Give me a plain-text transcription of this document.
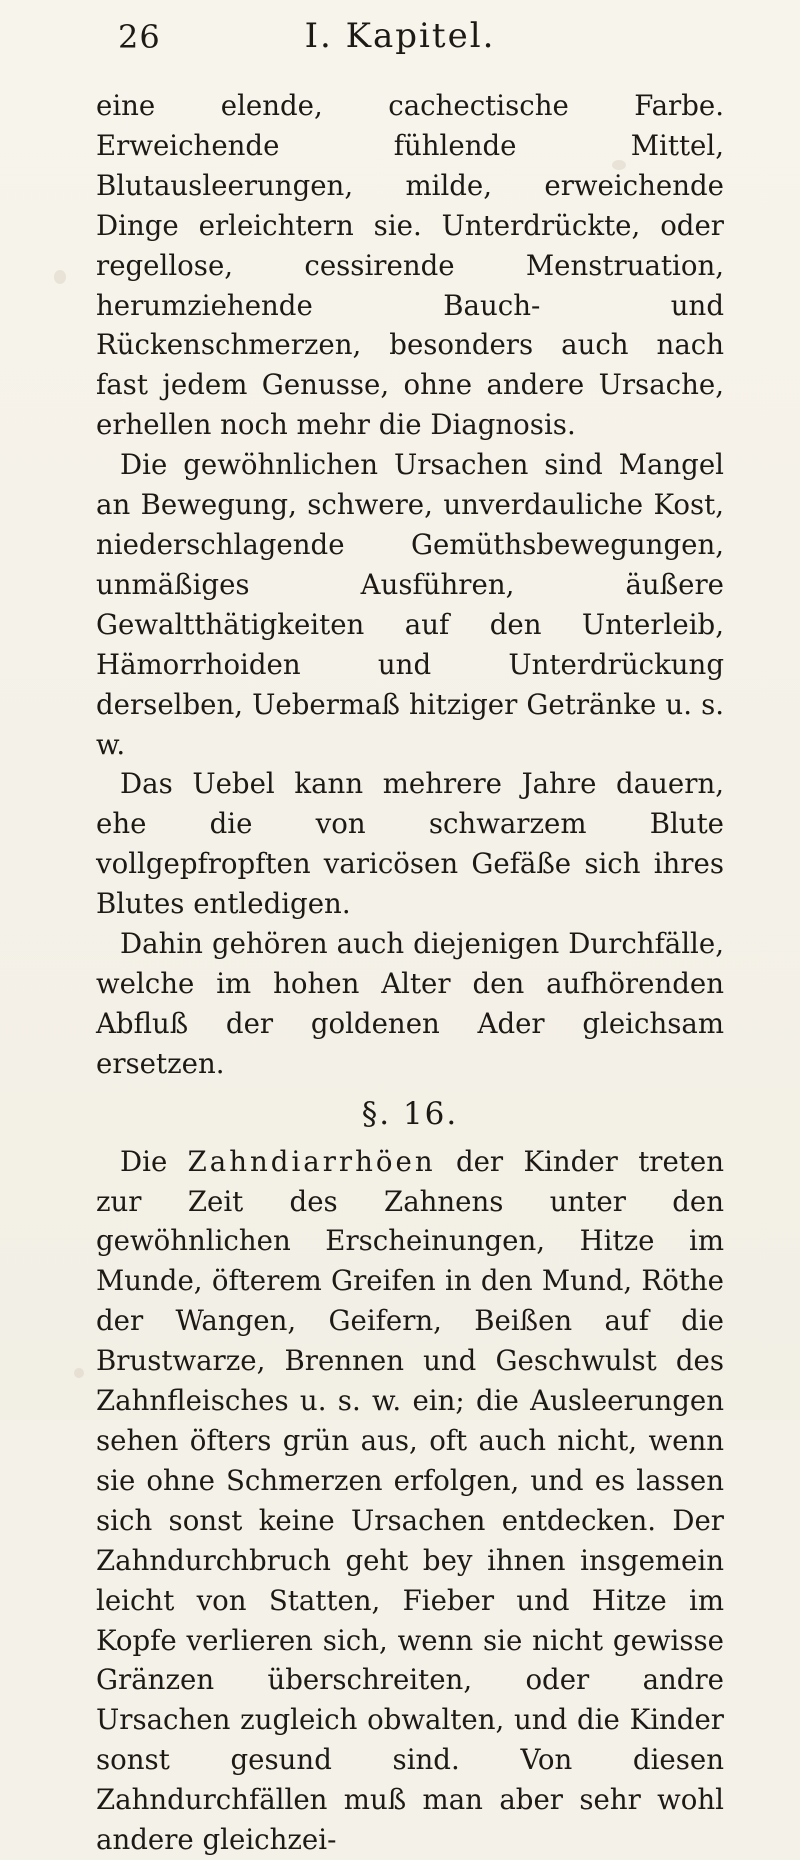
26	I. Kapitel.

eine elende, cachectische Farbe. Erweichende fühlende Mittel, Blutausleerungen, milde, erweichende Dinge erleichtern sie. Unterdrückte, oder regellose, cessirende Menstruation, herumziehende Bauch- und Rückenschmerzen, besonders auch nach fast jedem Genusse, ohne andere Ursache, erhellen noch mehr die Diagnosis.

Die gewöhnlichen Ursachen sind Mangel an Bewegung, schwere, unverdauliche Kost, niederschlagende Gemüthsbewegungen, unmäßiges Ausführen, äußere Gewaltthätigkeiten auf den Unterleib, Hämorrhoiden und Unterdrückung derselben, Uebermaß hitziger Getränke u. s. w.

Das Uebel kann mehrere Jahre dauern, ehe die von schwarzem Blute vollgepfropften varicösen Gefäße sich ihres Blutes entledigen.

Dahin gehören auch diejenigen Durchfälle, welche im hohen Alter den aufhörenden Abfluß der goldenen Ader gleichsam ersetzen.

§. 16.

Die Zahndiarrhöen der Kinder treten zur Zeit des Zahnens unter den gewöhnlichen Erscheinungen, Hitze im Munde, öfterem Greifen in den Mund, Röthe der Wangen, Geifern, Beißen auf die Brustwarze, Brennen und Geschwulst des Zahnfleisches u. s. w. ein; die Ausleerungen sehen öfters grün aus, oft auch nicht, wenn sie ohne Schmerzen erfolgen, und es lassen sich sonst keine Ursachen entdecken. Der Zahndurchbruch geht bey ihnen insgemein leicht von Statten, Fieber und Hitze im Kopfe verlieren sich, wenn sie nicht gewisse Gränzen überschreiten, oder andre Ursachen zugleich obwalten, und die Kinder sonst gesund sind. Von diesen Zahndurchfällen muß man aber sehr wohl andere gleichzei-
